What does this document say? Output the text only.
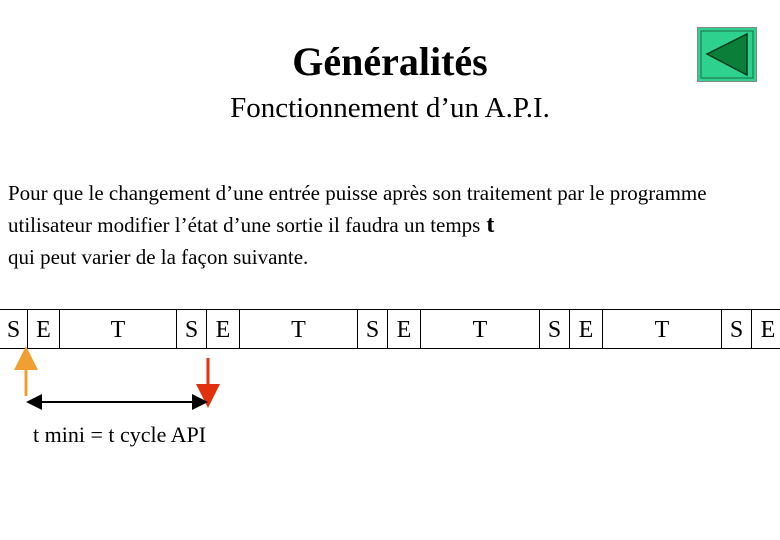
Généralités
Fonctionnement d’un A.P.I.
Pour que le changement d’une entrée puisse après son traitement par le programme utilisateur modifier l’état d’une sortie il faudra un temps t
qui peut varier de la façon suivante.
S E	T	S E	T	S E	T	S E	T	S E
t mini = t cycle API
